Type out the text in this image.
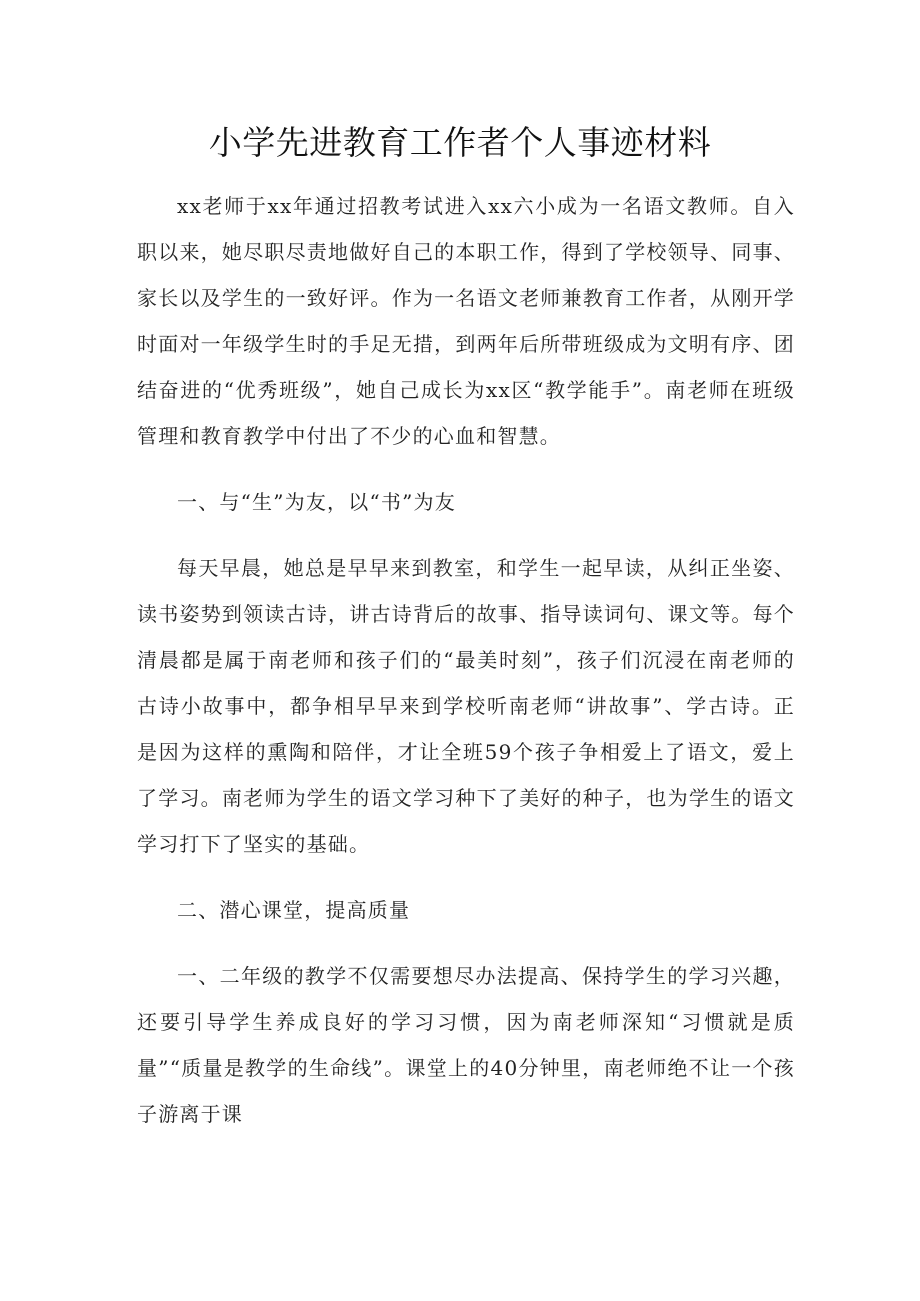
小学先进教育工作者个人事迹材料

xx老师于xx年通过招教考试进入xx六小成为一名语文教师。自入职以来，她尽职尽责地做好自己的本职工作，得到了学校领导、同事、家长以及学生的一致好评。作为一名语文老师兼教育工作者，从刚开学时面对一年级学生时的手足无措，到两年后所带班级成为文明有序、团结奋进的“优秀班级”，她自己成长为xx区“教学能手”。南老师在班级管理和教育教学中付出了不少的心血和智慧。

一、与“生”为友，以“书”为友

每天早晨，她总是早早来到教室，和学生一起早读，从纠正坐姿、读书姿势到领读古诗，讲古诗背后的故事、指导读词句、课文等。每个清晨都是属于南老师和孩子们的“最美时刻”，孩子们沉浸在南老师的古诗小故事中，都争相早早来到学校听南老师“讲故事”、学古诗。正是因为这样的熏陶和陪伴，才让全班59个孩子争相爱上了语文，爱上了学习。南老师为学生的语文学习种下了美好的种子，也为学生的语文学习打下了坚实的基础。

二、潜心课堂，提高质量

一、二年级的教学不仅需要想尽办法提高、保持学生的学习兴趣，还要引导学生养成良好的学习习惯，因为南老师深知“习惯就是质量”“质量是教学的生命线”。课堂上的40分钟里，南老师绝不让一个孩子游离于课
